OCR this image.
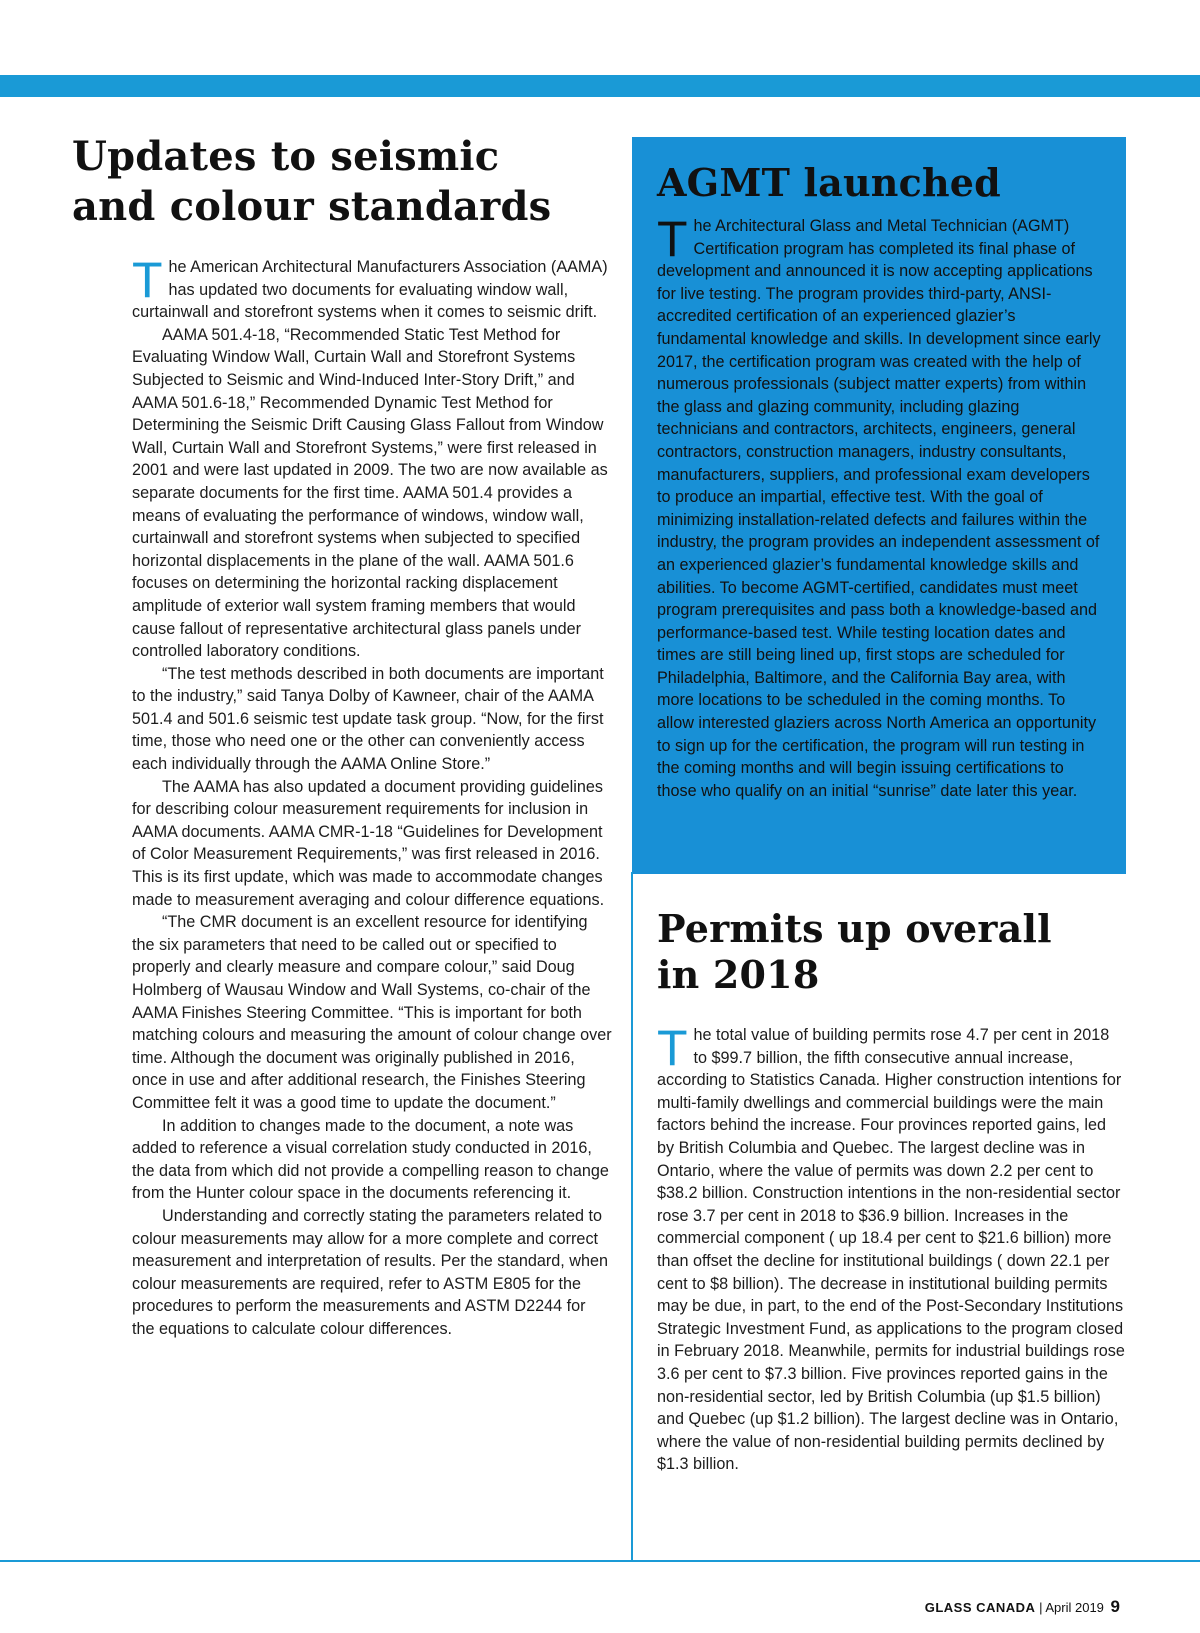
Updates to seismic and colour standards

The American Architectural Manufacturers Association (AAMA) has updated two documents for evaluating window wall, curtainwall and storefront systems when it comes to seismic drift.

AAMA 501.4-18, “Recommended Static Test Method for Evaluating Window Wall, Curtain Wall and Storefront Systems Subjected to Seismic and Wind-Induced Inter-Story Drift,” and AAMA 501.6-18,” Recommended Dynamic Test Method for Determining the Seismic Drift Causing Glass Fallout from Window Wall, Curtain Wall and Storefront Systems,” were first released in 2001 and were last updated in 2009. The two are now available as separate documents for the first time. AAMA 501.4 provides a means of evaluating the performance of windows, window wall, curtainwall and storefront systems when subjected to specified horizontal displacements in the plane of the wall. AAMA 501.6 focuses on determining the horizontal racking displacement amplitude of exterior wall system framing members that would cause fallout of representative architectural glass panels under controlled laboratory conditions.

“The test methods described in both documents are important to the industry,” said Tanya Dolby of Kawneer, chair of the AAMA 501.4 and 501.6 seismic test update task group. “Now, for the first time, those who need one or the other can conveniently access each individually through the AAMA Online Store.”

The AAMA has also updated a document providing guidelines for describing colour measurement requirements for inclusion in AAMA documents. AAMA CMR-1-18 “Guidelines for Development of Color Measurement Requirements,” was first released in 2016. This is its first update, which was made to accommodate changes made to measurement averaging and colour difference equations.

“The CMR document is an excellent resource for identifying the six parameters that need to be called out or specified to properly and clearly measure and compare colour,” said Doug Holmberg of Wausau Window and Wall Systems, co-chair of the AAMA Finishes Steering Committee. “This is important for both matching colours and measuring the amount of colour change over time. Although the document was originally published in 2016, once in use and after additional research, the Finishes Steering Committee felt it was a good time to update the document.”

In addition to changes made to the document, a note was added to reference a visual correlation study conducted in 2016, the data from which did not provide a compelling reason to change from the Hunter colour space in the documents referencing it.

Understanding and correctly stating the parameters related to colour measurements may allow for a more complete and correct measurement and interpretation of results. Per the standard, when colour measurements are required, refer to ASTM E805 for the procedures to perform the measurements and ASTM D2244 for the equations to calculate colour differences.

AGMT launched

The Architectural Glass and Metal Technician (AGMT) Certification program has completed its final phase of development and announced it is now accepting applications for live testing. The program provides third-party, ANSI-accredited certification of an experienced glazier’s fundamental knowledge and skills. In development since early 2017, the certification program was created with the help of numerous professionals (subject matter experts) from within the glass and glazing community, including glazing technicians and contractors, architects, engineers, general contractors, construction managers, industry consultants, manufacturers, suppliers, and professional exam developers to produce an impartial, effective test. With the goal of minimizing installation-related defects and failures within the industry, the program provides an independent assessment of an experienced glazier’s fundamental knowledge skills and abilities. To become AGMT-certified, candidates must meet program prerequisites and pass both a knowledge-based and performance-based test. While testing location dates and times are still being lined up, first stops are scheduled for Philadelphia, Baltimore, and the California Bay area, with more locations to be scheduled in the coming months. To allow interested glaziers across North America an opportunity to sign up for the certification, the program will run testing in the coming months and will begin issuing certifications to those who qualify on an initial “sunrise” date later this year.

Permits up overall in 2018

The total value of building permits rose 4.7 per cent in 2018 to $99.7 billion, the fifth consecutive annual increase, according to Statistics Canada. Higher construction intentions for multi-family dwellings and commercial buildings were the main factors behind the increase. Four provinces reported gains, led by British Columbia and Quebec. The largest decline was in Ontario, where the value of permits was down 2.2 per cent to $38.2 billion. Construction intentions in the non-residential sector rose 3.7 per cent in 2018 to $36.9 billion. Increases in the commercial component ( up 18.4 per cent to $21.6 billion) more than offset the decline for institutional buildings ( down 22.1 per cent to $8 billion). The decrease in institutional building permits may be due, in part, to the end of the Post-Secondary Institutions Strategic Investment Fund, as applications to the program closed in February 2018. Meanwhile, permits for industrial buildings rose 3.6 per cent to $7.3 billion. Five provinces reported gains in the non-residential sector, led by British Columbia (up $1.5 billion) and Quebec (up $1.2 billion). The largest decline was in Ontario, where the value of non-residential building permits declined by $1.3 billion.

GLASS CANADA | April 2019 9
